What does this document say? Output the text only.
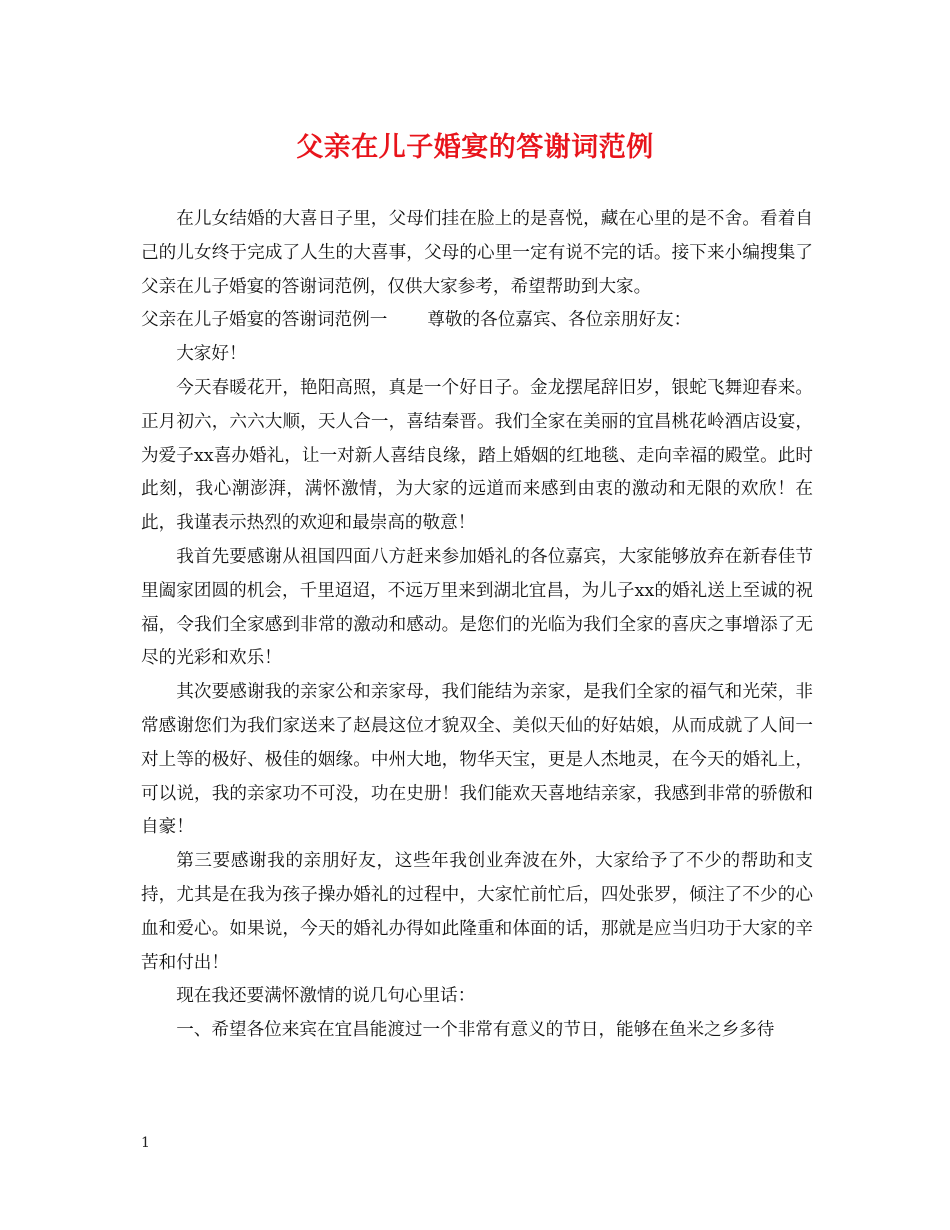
父亲在儿子婚宴的答谢词范例

在儿女结婚的大喜日子里，父母们挂在脸上的是喜悦，藏在心里的是不舍。看着自己的儿女终于完成了人生的大喜事，父母的心里一定有说不完的话。接下来小编搜集了父亲在儿子婚宴的答谢词范例，仅供大家参考，希望帮助到大家。

父亲在儿子婚宴的答谢词范例一 尊敬的各位嘉宾、各位亲朋好友：

大家好！

今天春暖花开，艳阳高照，真是一个好日子。金龙摆尾辞旧岁，银蛇飞舞迎春来。正月初六，六六大顺，天人合一，喜结秦晋。我们全家在美丽的宜昌桃花岭酒店设宴，为爱子xx喜办婚礼，让一对新人喜结良缘，踏上婚姻的红地毯、走向幸福的殿堂。此时此刻，我心潮澎湃，满怀激情，为大家的远道而来感到由衷的激动和无限的欢欣！在此，我谨表示热烈的欢迎和最崇高的敬意！

我首先要感谢从祖国四面八方赶来参加婚礼的各位嘉宾，大家能够放弃在新春佳节里阖家团圆的机会，千里迢迢，不远万里来到湖北宜昌，为儿子xx的婚礼送上至诚的祝福，令我们全家感到非常的激动和感动。是您们的光临为我们全家的喜庆之事增添了无尽的光彩和欢乐！

其次要感谢我的亲家公和亲家母，我们能结为亲家，是我们全家的福气和光荣，非常感谢您们为我们家送来了赵晨这位才貌双全、美似天仙的好姑娘，从而成就了人间一对上等的极好、极佳的姻缘。中州大地，物华天宝，更是人杰地灵，在今天的婚礼上，可以说，我的亲家功不可没，功在史册！我们能欢天喜地结亲家，我感到非常的骄傲和自豪！

第三要感谢我的亲朋好友，这些年我创业奔波在外，大家给予了不少的帮助和支持，尤其是在我为孩子操办婚礼的过程中，大家忙前忙后，四处张罗，倾注了不少的心血和爱心。如果说，今天的婚礼办得如此隆重和体面的话，那就是应当归功于大家的辛苦和付出！

现在我还要满怀激情的说几句心里话：

一、希望各位来宾在宜昌能渡过一个非常有意义的节日，能够在鱼米之乡多待

1
